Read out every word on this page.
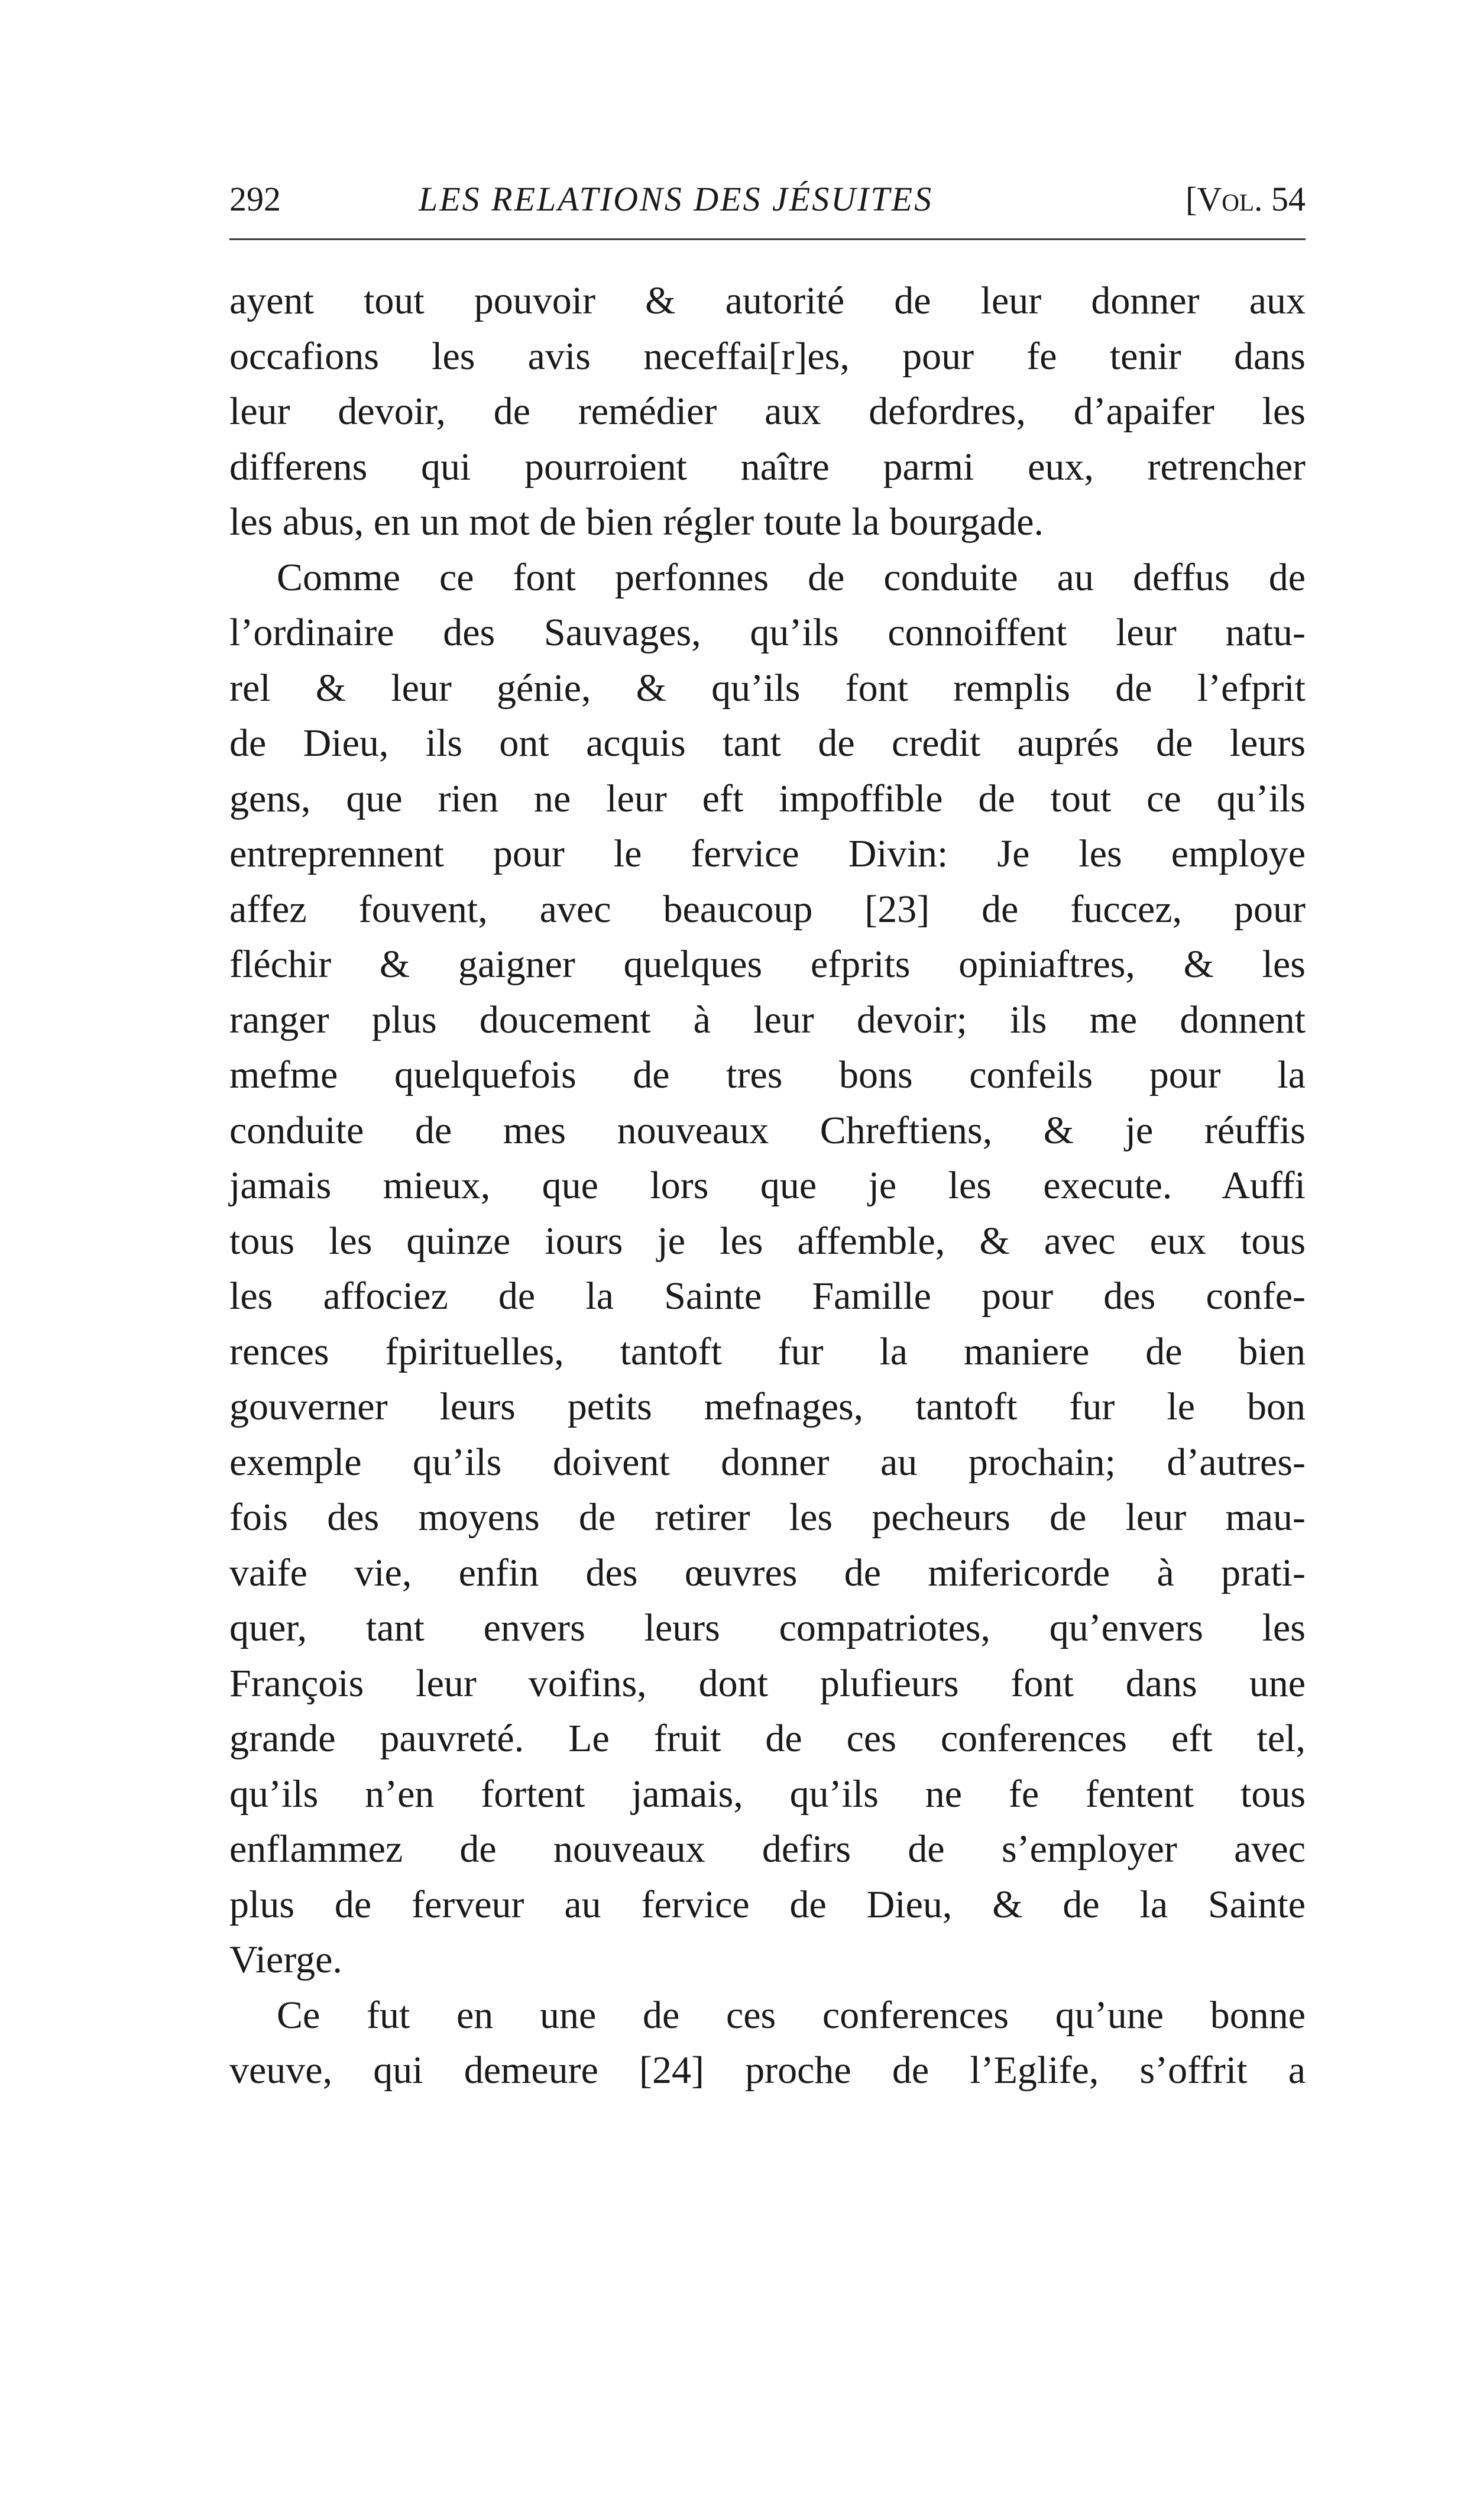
292	LES RELATIONS DES JÉSUITES	[Vol. 54
ayent tout pouvoir & autorité de leur donner aux
occafions les avis neceffai[r]es, pour fe tenir dans
leur devoir, de remédier aux defordres, d’apaifer les
differens qui pourroient naître parmi eux, retrencher
les abus, en un mot de bien régler toute la bourgade.
Comme ce font perfonnes de conduite au deffus de
l’ordinaire des Sauvages, qu’ils connoiffent leur natu-
rel & leur génie, & qu’ils font remplis de l’efprit
de Dieu, ils ont acquis tant de credit auprés de leurs
gens, que rien ne leur eft impoffible de tout ce qu’ils
entreprennent pour le fervice Divin: Je les employe
affez fouvent, avec beaucoup [23] de fuccez, pour
fléchir & gaigner quelques efprits opiniaftres, & les
ranger plus doucement à leur devoir; ils me donnent
mefme quelquefois de tres bons confeils pour la
conduite de mes nouveaux Chreftiens, & je réuffis
jamais mieux, que lors que je les execute. Auffi
tous les quinze iours je les affemble, & avec eux tous
les affociez de la Sainte Famille pour des confe-
rences fpirituelles, tantoft fur la maniere de bien
gouverner leurs petits mefnages, tantoft fur le bon
exemple qu’ils doivent donner au prochain; d’autres-
fois des moyens de retirer les pecheurs de leur mau-
vaife vie, enfin des œuvres de mifericorde à prati-
quer, tant envers leurs compatriotes, qu’envers les
François leur voifins, dont plufieurs font dans une
grande pauvreté. Le fruit de ces conferences eft tel,
qu’ils n’en fortent jamais, qu’ils ne fe fentent tous
enflammez de nouveaux defirs de s’employer avec
plus de ferveur au fervice de Dieu, & de la Sainte
Vierge.
Ce fut en une de ces conferences qu’une bonne
veuve, qui demeure [24] proche de l’Eglife, s’offrit a
